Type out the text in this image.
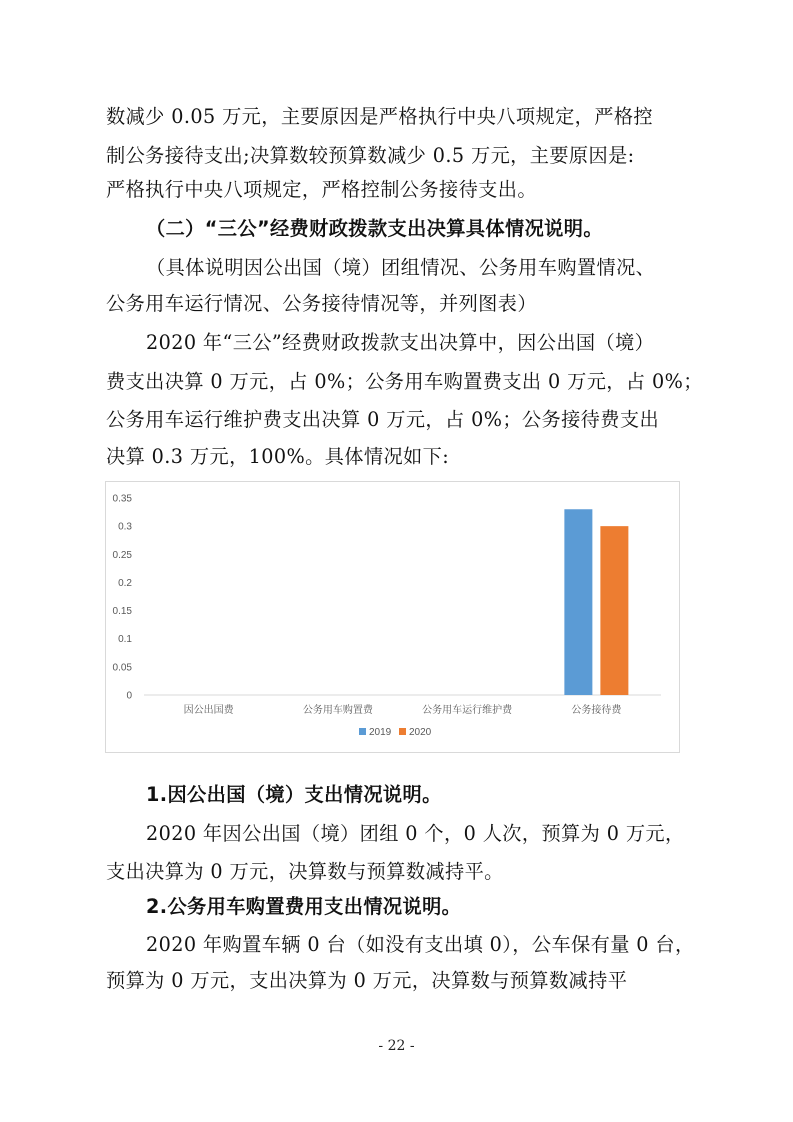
数减少 0.05 万元，主要原因是严格执行中央八项规定，严格控
制公务接待支出;决算数较预算数减少 0.5 万元，主要原因是:
严格执行中央八项规定，严格控制公务接待支出。
（二）“三公”经费财政拨款支出决算具体情况说明。
（具体说明因公出国（境）团组情况、公务用车购置情况、
公务用车运行情况、公务接待情况等，并列图表）
2020 年“三公”经费财政拨款支出决算中，因公出国（境）
费支出决算 0 万元，占 0%；公务用车购置费支出 0 万元，占 0%；
公务用车运行维护费支出决算 0 万元，占 0%；公务接待费支出
决算 0.3 万元，100%。具体情况如下:
0
0.05
0.1
0.15
0.2
0.25
0.3
0.35
因公出国费	公务用车购置费	公务用车运行维护费	公务接待费
2019 2020
1.因公出国（境）支出情况说明。
2020 年因公出国（境）团组 0 个，0 人次，预算为 0 万元，
支出决算为 0 万元，决算数与预算数减持平。
2.公务用车购置费用支出情况说明。
2020 年购置车辆 0 台（如没有支出填 0），公车保有量 0 台，
预算为 0 万元，支出决算为 0 万元，决算数与预算数减持平
- 22 -
